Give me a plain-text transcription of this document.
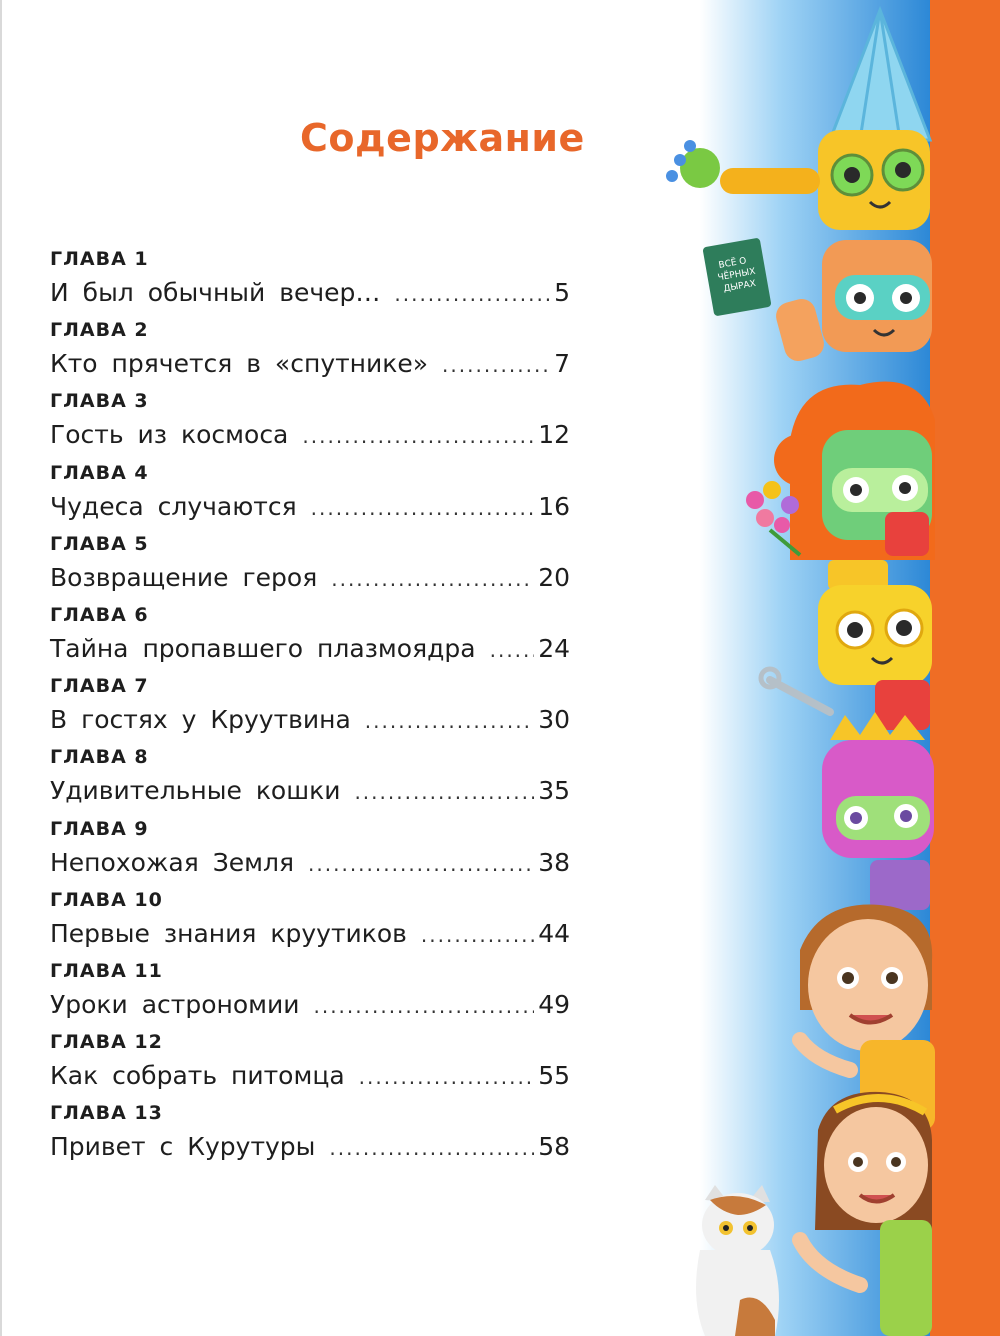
Содержание
ГЛАВА 1
И был обычный вечер… .....	5
ГЛАВА 2
Кто прячется в «спутнике» .....	7
ГЛАВА 3
Гость из космоса .....	12
ГЛАВА 4
Чудеса случаются .....	16
ГЛАВА 5
Возвращение героя .....	20
ГЛАВА 6
Тайна пропавшего плазмоядра .....	24
ГЛАВА 7
В гостях у Круутвина .....	30
ГЛАВА 8
Удивительные кошки .....	35
ГЛАВА 9
Непохожая Земля .....	38
ГЛАВА 10
Первые знания круутиков .....	44
ГЛАВА 11
Уроки астрономии .....	49
ГЛАВА 12
Как собрать питомца .....	55
ГЛАВА 13
Привет с Курутуры .....	58
ВСЁ О
ЧЁРНЫХ
ДЫРАХ
